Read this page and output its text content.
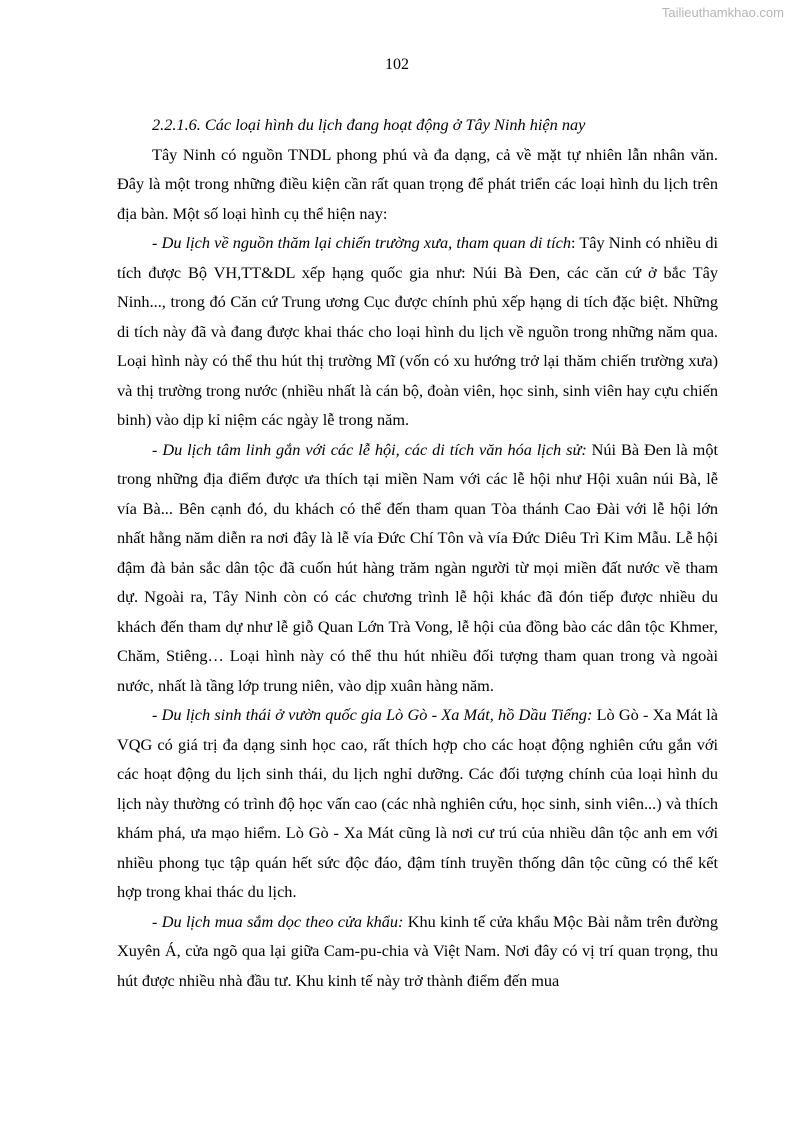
Tailieuthamkhao.com
102

2.2.1.6. Các loại hình du lịch đang hoạt động ở Tây Ninh hiện nay

Tây Ninh có nguồn TNDL phong phú và đa dạng, cả về mặt tự nhiên lẫn nhân văn. Đây là một trong những điều kiện cần rất quan trọng để phát triển các loại hình du lịch trên địa bàn. Một số loại hình cụ thể hiện nay:

- Du lịch về nguồn thăm lại chiến trường xưa, tham quan di tích: Tây Ninh có nhiều di tích được Bộ VH,TT&DL xếp hạng quốc gia như: Núi Bà Đen, các căn cứ ở bắc Tây Ninh..., trong đó Căn cứ Trung ương Cục được chính phủ xếp hạng di tích đặc biệt. Những di tích này đã và đang được khai thác cho loại hình du lịch về nguồn trong những năm qua. Loại hình này có thể thu hút thị trường Mĩ (vốn có xu hướng trở lại thăm chiến trường xưa) và thị trường trong nước (nhiều nhất là cán bộ, đoàn viên, học sinh, sinh viên hay cựu chiến binh) vào dịp kỉ niệm các ngày lễ trong năm.

- Du lịch tâm linh gắn với các lễ hội, các di tích văn hóa lịch sử: Núi Bà Đen là một trong những địa điểm được ưa thích tại miền Nam với các lễ hội như Hội xuân núi Bà, lễ vía Bà... Bên cạnh đó, du khách có thể đến tham quan Tòa thánh Cao Đài với lễ hội lớn nhất hằng năm diễn ra nơi đây là lễ vía Đức Chí Tôn và vía Đức Diêu Trì Kim Mẫu. Lễ hội đậm đà bản sắc dân tộc đã cuốn hút hàng trăm ngàn người từ mọi miền đất nước về tham dự. Ngoài ra, Tây Ninh còn có các chương trình lễ hội khác đã đón tiếp được nhiều du khách đến tham dự như lễ giỗ Quan Lớn Trà Vong, lễ hội của đồng bào các dân tộc Khmer, Chăm, Stiêng… Loại hình này có thể thu hút nhiều đối tượng tham quan trong và ngoài nước, nhất là tầng lớp trung niên, vào dịp xuân hàng năm.

- Du lịch sinh thái ở vườn quốc gia Lò Gò - Xa Mát, hồ Dầu Tiếng: Lò Gò - Xa Mát là VQG có giá trị đa dạng sinh học cao, rất thích hợp cho các hoạt động nghiên cứu gắn với các hoạt động du lịch sinh thái, du lịch nghỉ dưỡng. Các đối tượng chính của loại hình du lịch này thường có trình độ học vấn cao (các nhà nghiên cứu, học sinh, sinh viên...) và thích khám phá, ưa mạo hiểm. Lò Gò - Xa Mát cũng là nơi cư trú của nhiều dân tộc anh em với nhiều phong tục tập quán hết sức độc đáo, đậm tính truyền thống dân tộc cũng có thể kết hợp trong khai thác du lịch.

- Du lịch mua sắm dọc theo cửa khẩu: Khu kinh tế cửa khẩu Mộc Bài nằm trên đường Xuyên Á, cửa ngõ qua lại giữa Cam-pu-chia và Việt Nam. Nơi đây có vị trí quan trọng, thu hút được nhiều nhà đầu tư. Khu kinh tế này trở thành điểm đến mua
